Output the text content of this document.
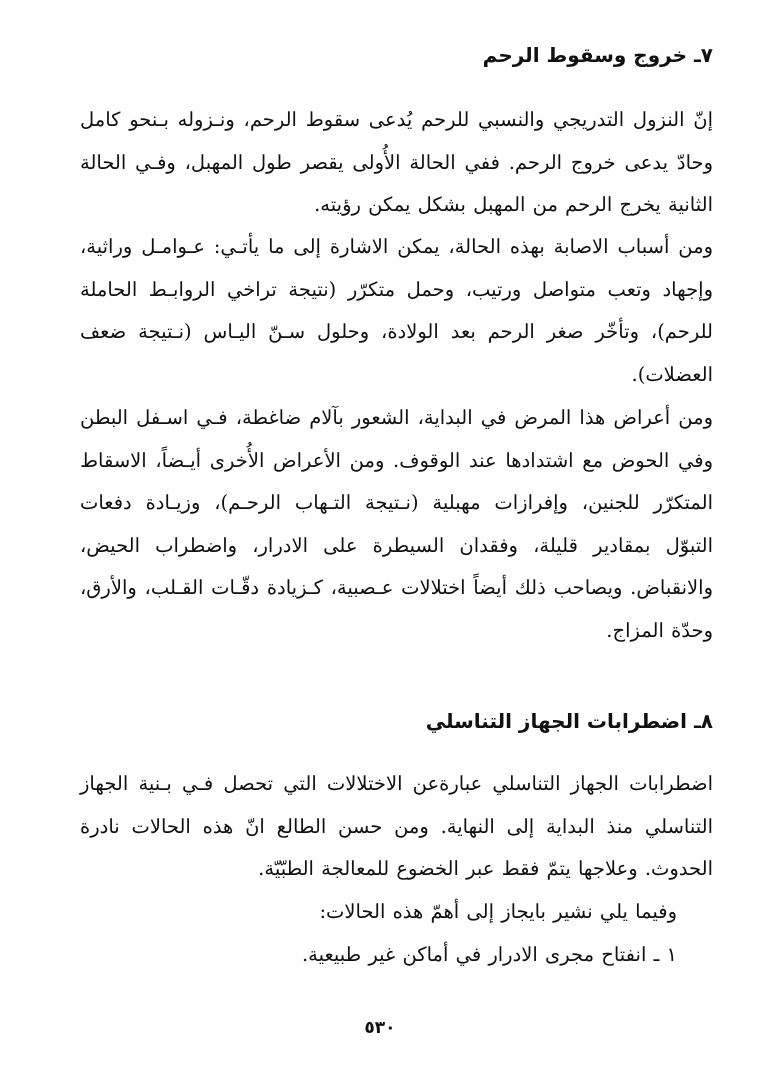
٧ـ خروج وسقوط الرحم
إنّ النزول التدريجي والنسبي للرحم يُدعى سقوط الرحم، ونـزوله بـنحو كامل وحادّ يدعى خروج الرحم. ففي الحالة الأُولى يقصر طول المهبل، وفـي الحالة الثانية يخرج الرحم من المهبل بشكل يمكن رؤيته.
ومن أسباب الاصابة بهذه الحالة، يمكن الاشارة إلى ما يأتـي: عـوامـل وراثية، وإجهاد وتعب متواصل ورتيب، وحمل متكرّر (نتيجة تراخي الروابـط الحاملة للرحم)، وتأخّر صغر الرحم بعد الولادة، وحلول سـنّ اليـاس (نـتيجة ضعف العضلات).
ومن أعراض هذا المرض في البداية، الشعور بآلام ضاغطة، فـي اسـفل البطن وفي الحوض مع اشتدادها عند الوقوف. ومن الأعراض الأُخرى أيـضاً، الاسقاط المتكرّر للجنين، وإفرازات مهبلية (نـتيجة التـهاب الرحـم)، وزيـادة دفعات التبوّل بمقادير قليلة، وفقدان السيطرة على الادرار، واضطراب الحيض، والانقباض. ويصاحب ذلك أيضاً اختلالات عـصبية، كـزيادة دقّـات القـلب، والأرق، وحدّة المزاج.
٨ـ اضطرابات الجهاز التناسلي
اضطرابات الجهاز التناسلي عبارةعن الاختلالات التي تحصل فـي بـنية الجهاز التناسلي منذ البداية إلى النهاية. ومن حسن الطالع انّ هذه الحالات نادرة الحدوث. وعلاجها يتمّ فقط عبر الخضوع للمعالجة الطبّيّة.
وفيما يلي نشير بايجاز إلى أهمّ هذه الحالات:
١ ـ انفتاح مجرى الادرار في أماكن غير طبيعية.
٥٣٠
